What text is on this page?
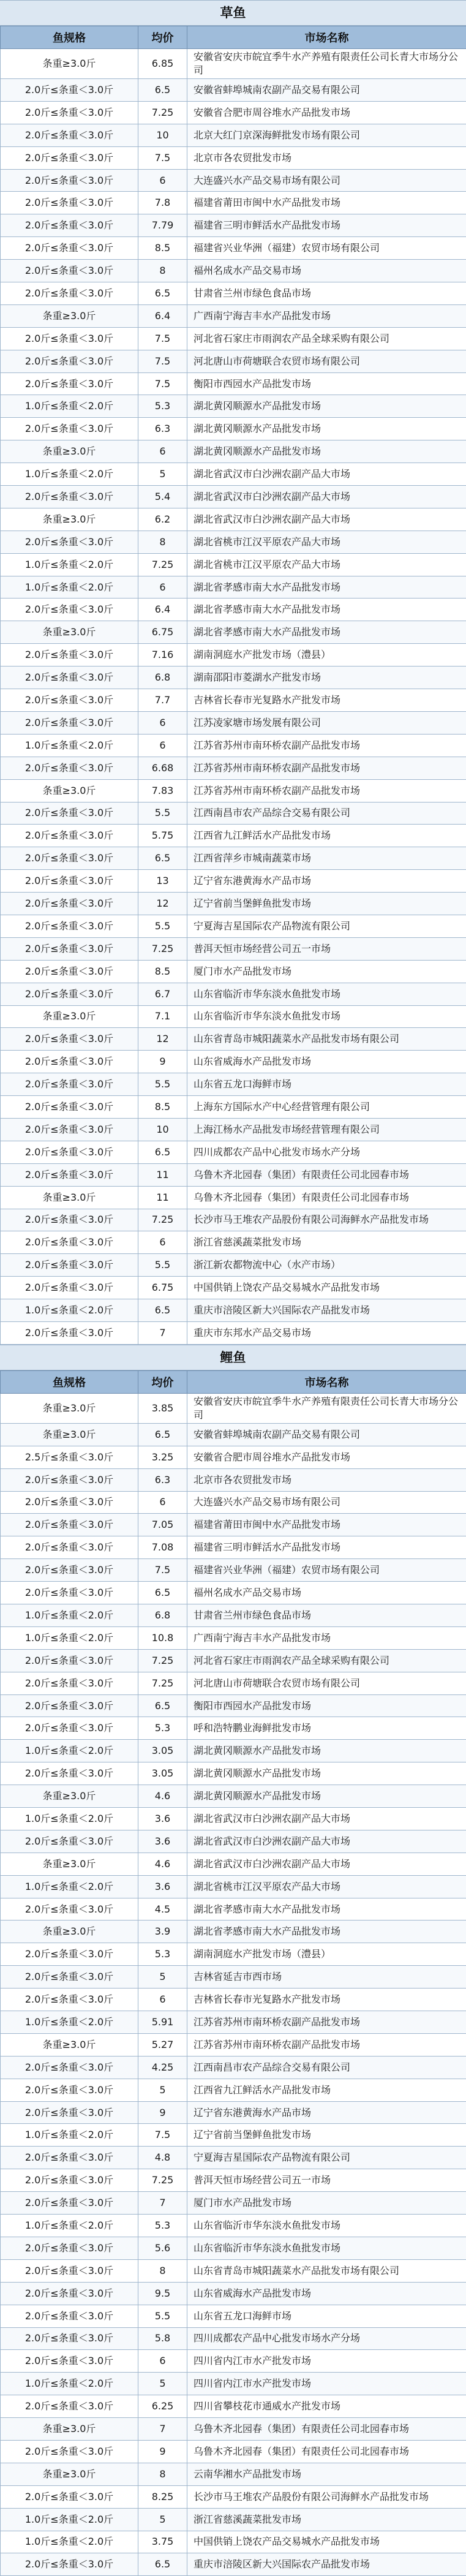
草鱼
鱼规格	均价	市场名称
条重≥3.0斤	6.85	安徽省安庆市皖宜季牛水产养殖有限责任公司长青大市场分公司
2.0斤≤条重＜3.0斤	6.5	安徽省蚌埠城南农副产品交易有限公司
2.0斤≤条重＜3.0斤	7.25	安徽省合肥市周谷堆水产品批发市场
2.0斤≤条重＜3.0斤	10	北京大红门京深海鲜批发市场有限公司
2.0斤≤条重＜3.0斤	7.5	北京市各农贸批发市场
2.0斤≤条重＜3.0斤	6	大连盛兴水产品交易市场有限公司
2.0斤≤条重＜3.0斤	7.8	福建省莆田市闽中水产品批发市场
2.0斤≤条重＜3.0斤	7.79	福建省三明市鲜活水产品批发市场
2.0斤≤条重＜3.0斤	8.5	福建省兴业华洲（福建）农贸市场有限公司
2.0斤≤条重＜3.0斤	8	福州名成水产品交易市场
2.0斤≤条重＜3.0斤	6.5	甘肃省兰州市绿色食品市场
条重≥3.0斤	6.4	广西南宁海吉丰水产品批发市场
2.0斤≤条重＜3.0斤	7.5	河北省石家庄市雨润农产品全球采购有限公司
2.0斤≤条重＜3.0斤	7.5	河北唐山市荷塘联合农贸市场有限公司
2.0斤≤条重＜3.0斤	7.5	衡阳市西园水产品批发市场
1.0斤≤条重＜2.0斤	5.3	湖北黄冈顺源水产品批发市场
2.0斤≤条重＜3.0斤	6.3	湖北黄冈顺源水产品批发市场
条重≥3.0斤	6	湖北黄冈顺源水产品批发市场
1.0斤≤条重＜2.0斤	5	湖北省武汉市白沙洲农副产品大市场
2.0斤≤条重＜3.0斤	5.4	湖北省武汉市白沙洲农副产品大市场
条重≥3.0斤	6.2	湖北省武汉市白沙洲农副产品大市场
2.0斤≤条重＜3.0斤	8	湖北省桃市江汉平原农产品大市场
1.0斤≤条重＜2.0斤	7.25	湖北省桃市江汉平原农产品大市场
1.0斤≤条重＜2.0斤	6	湖北省孝感市南大水产品批发市场
2.0斤≤条重＜3.0斤	6.4	湖北省孝感市南大水产品批发市场
条重≥3.0斤	6.75	湖北省孝感市南大水产品批发市场
2.0斤≤条重＜3.0斤	7.16	湖南洞庭水产批发市场（澧县）
2.0斤≤条重＜3.0斤	6.8	湖南邵阳市菱湖水产批发市场
2.0斤≤条重＜3.0斤	7.7	吉林省长春市光复路水产批发市场
2.0斤≤条重＜3.0斤	6	江苏凌家塘市场发展有限公司
1.0斤≤条重＜2.0斤	6	江苏省苏州市南环桥农副产品批发市场
2.0斤≤条重＜3.0斤	6.68	江苏省苏州市南环桥农副产品批发市场
条重≥3.0斤	7.83	江苏省苏州市南环桥农副产品批发市场
2.0斤≤条重＜3.0斤	5.5	江西南昌市农产品综合交易有限公司
2.0斤≤条重＜3.0斤	5.75	江西省九江鲜活水产品批发市场
2.0斤≤条重＜3.0斤	6.5	江西省萍乡市城南蔬菜市场
2.0斤≤条重＜3.0斤	13	辽宁省东港黄海水产品市场
2.0斤≤条重＜3.0斤	12	辽宁省前当堡鲜鱼批发市场
2.0斤≤条重＜3.0斤	5.5	宁夏海吉星国际农产品物流有限公司
2.0斤≤条重＜3.0斤	7.25	普洱天恒市场经营公司五一市场
2.0斤≤条重＜3.0斤	8.5	厦门市水产品批发市场
2.0斤≤条重＜3.0斤	6.7	山东省临沂市华东淡水鱼批发市场
条重≥3.0斤	7.1	山东省临沂市华东淡水鱼批发市场
2.0斤≤条重＜3.0斤	12	山东省青岛市城阳蔬菜水产品批发市场有限公司
2.0斤≤条重＜3.0斤	9	山东省威海水产品批发市场
2.0斤≤条重＜3.0斤	5.5	山东省五龙口海鲜市场
2.0斤≤条重＜3.0斤	8.5	上海东方国际水产中心经营管理有限公司
2.0斤≤条重＜3.0斤	10	上海江杨水产品批发市场经营管理有限公司
2.0斤≤条重＜3.0斤	6.5	四川成都农产品中心批发市场水产分场
2.0斤≤条重＜3.0斤	11	乌鲁木齐北园春（集团）有限责任公司北园春市场
条重≥3.0斤	11	乌鲁木齐北园春（集团）有限责任公司北园春市场
2.0斤≤条重＜3.0斤	7.25	长沙市马王堆农产品股份有限公司海鲜水产品批发市场
2.0斤≤条重＜3.0斤	6	浙江省慈溪蔬菜批发市场
2.0斤≤条重＜3.0斤	5.5	浙江新农都物流中心（水产市场）
2.0斤≤条重＜3.0斤	6.75	中国供销上饶农产品交易城水产品批发市场
1.0斤≤条重＜2.0斤	6.5	重庆市涪陵区新大兴国际农产品批发市场
2.0斤≤条重＜3.0斤	7	重庆市东邦水产品交易市场
鲤鱼
鱼规格	均价	市场名称
条重≥3.0斤	3.85	安徽省安庆市皖宜季牛水产养殖有限责任公司长青大市场分公司
条重≥3.0斤	6.5	安徽省蚌埠城南农副产品交易有限公司
2.5斤≤条重＜3.0斤	3.25	安徽省合肥市周谷堆水产品批发市场
2.0斤≤条重＜3.0斤	6.3	北京市各农贸批发市场
2.0斤≤条重＜3.0斤	6	大连盛兴水产品交易市场有限公司
2.0斤≤条重＜3.0斤	7.05	福建省莆田市闽中水产品批发市场
2.0斤≤条重＜3.0斤	7.08	福建省三明市鲜活水产品批发市场
2.0斤≤条重＜3.0斤	7.5	福建省兴业华洲（福建）农贸市场有限公司
2.0斤≤条重＜3.0斤	6.5	福州名成水产品交易市场
1.0斤≤条重＜2.0斤	6.8	甘肃省兰州市绿色食品市场
1.0斤≤条重＜2.0斤	10.8	广西南宁海吉丰水产品批发市场
2.0斤≤条重＜3.0斤	7.25	河北省石家庄市雨润农产品全球采购有限公司
2.0斤≤条重＜3.0斤	7.25	河北唐山市荷塘联合农贸市场有限公司
2.0斤≤条重＜3.0斤	6.5	衡阳市西园水产品批发市场
2.0斤≤条重＜3.0斤	5.3	呼和浩特鹏业海鲜批发市场
1.0斤≤条重＜2.0斤	3.05	湖北黄冈顺源水产品批发市场
2.0斤≤条重＜3.0斤	3.05	湖北黄冈顺源水产品批发市场
条重≥3.0斤	4.6	湖北黄冈顺源水产品批发市场
1.0斤≤条重＜2.0斤	3.6	湖北省武汉市白沙洲农副产品大市场
2.0斤≤条重＜3.0斤	3.6	湖北省武汉市白沙洲农副产品大市场
条重≥3.0斤	4.6	湖北省武汉市白沙洲农副产品大市场
1.0斤≤条重＜2.0斤	3.6	湖北省桃市江汉平原农产品大市场
2.0斤≤条重＜3.0斤	4.5	湖北省孝感市南大水产品批发市场
条重≥3.0斤	3.9	湖北省孝感市南大水产品批发市场
2.0斤≤条重＜3.0斤	5.3	湖南洞庭水产批发市场（澧县）
2.0斤≤条重＜3.0斤	5	吉林省延吉市西市场
2.0斤≤条重＜3.0斤	6	吉林省长春市光复路水产批发市场
1.0斤≤条重＜2.0斤	5.91	江苏省苏州市南环桥农副产品批发市场
条重≥3.0斤	5.27	江苏省苏州市南环桥农副产品批发市场
2.0斤≤条重＜3.0斤	4.25	江西南昌市农产品综合交易有限公司
2.0斤≤条重＜3.0斤	5	江西省九江鲜活水产品批发市场
2.0斤≤条重＜3.0斤	9	辽宁省东港黄海水产品市场
1.0斤≤条重＜2.0斤	7.5	辽宁省前当堡鲜鱼批发市场
2.0斤≤条重＜3.0斤	4.8	宁夏海吉星国际农产品物流有限公司
2.0斤≤条重＜3.0斤	7.25	普洱天恒市场经营公司五一市场
2.0斤≤条重＜3.0斤	7	厦门市水产品批发市场
1.0斤≤条重＜2.0斤	5.3	山东省临沂市华东淡水鱼批发市场
2.0斤≤条重＜3.0斤	5.6	山东省临沂市华东淡水鱼批发市场
2.0斤≤条重＜3.0斤	8	山东省青岛市城阳蔬菜水产品批发市场有限公司
2.0斤≤条重＜3.0斤	9.5	山东省威海水产品批发市场
2.0斤≤条重＜3.0斤	5.5	山东省五龙口海鲜市场
2.0斤≤条重＜3.0斤	5.8	四川成都农产品中心批发市场水产分场
2.0斤≤条重＜3.0斤	6	四川省内江市水产批发市场
1.0斤≤条重＜2.0斤	5	四川省内江市水产批发市场
2.0斤≤条重＜3.0斤	6.25	四川省攀枝花市通威水产批发市场
条重≥3.0斤	7	乌鲁木齐北园春（集团）有限责任公司北园春市场
2.0斤≤条重＜3.0斤	9	乌鲁木齐北园春（集团）有限责任公司北园春市场
条重≥3.0斤	8	云南华湘水产品批发市场
2.0斤≤条重＜3.0斤	8.25	长沙市马王堆农产品股份有限公司海鲜水产品批发市场
1.0斤≤条重＜2.0斤	5	浙江省慈溪蔬菜批发市场
1.0斤≤条重＜2.0斤	3.75	中国供销上饶农产品交易城水产品批发市场
2.0斤≤条重＜3.0斤	6.5	重庆市涪陵区新大兴国际农产品批发市场
